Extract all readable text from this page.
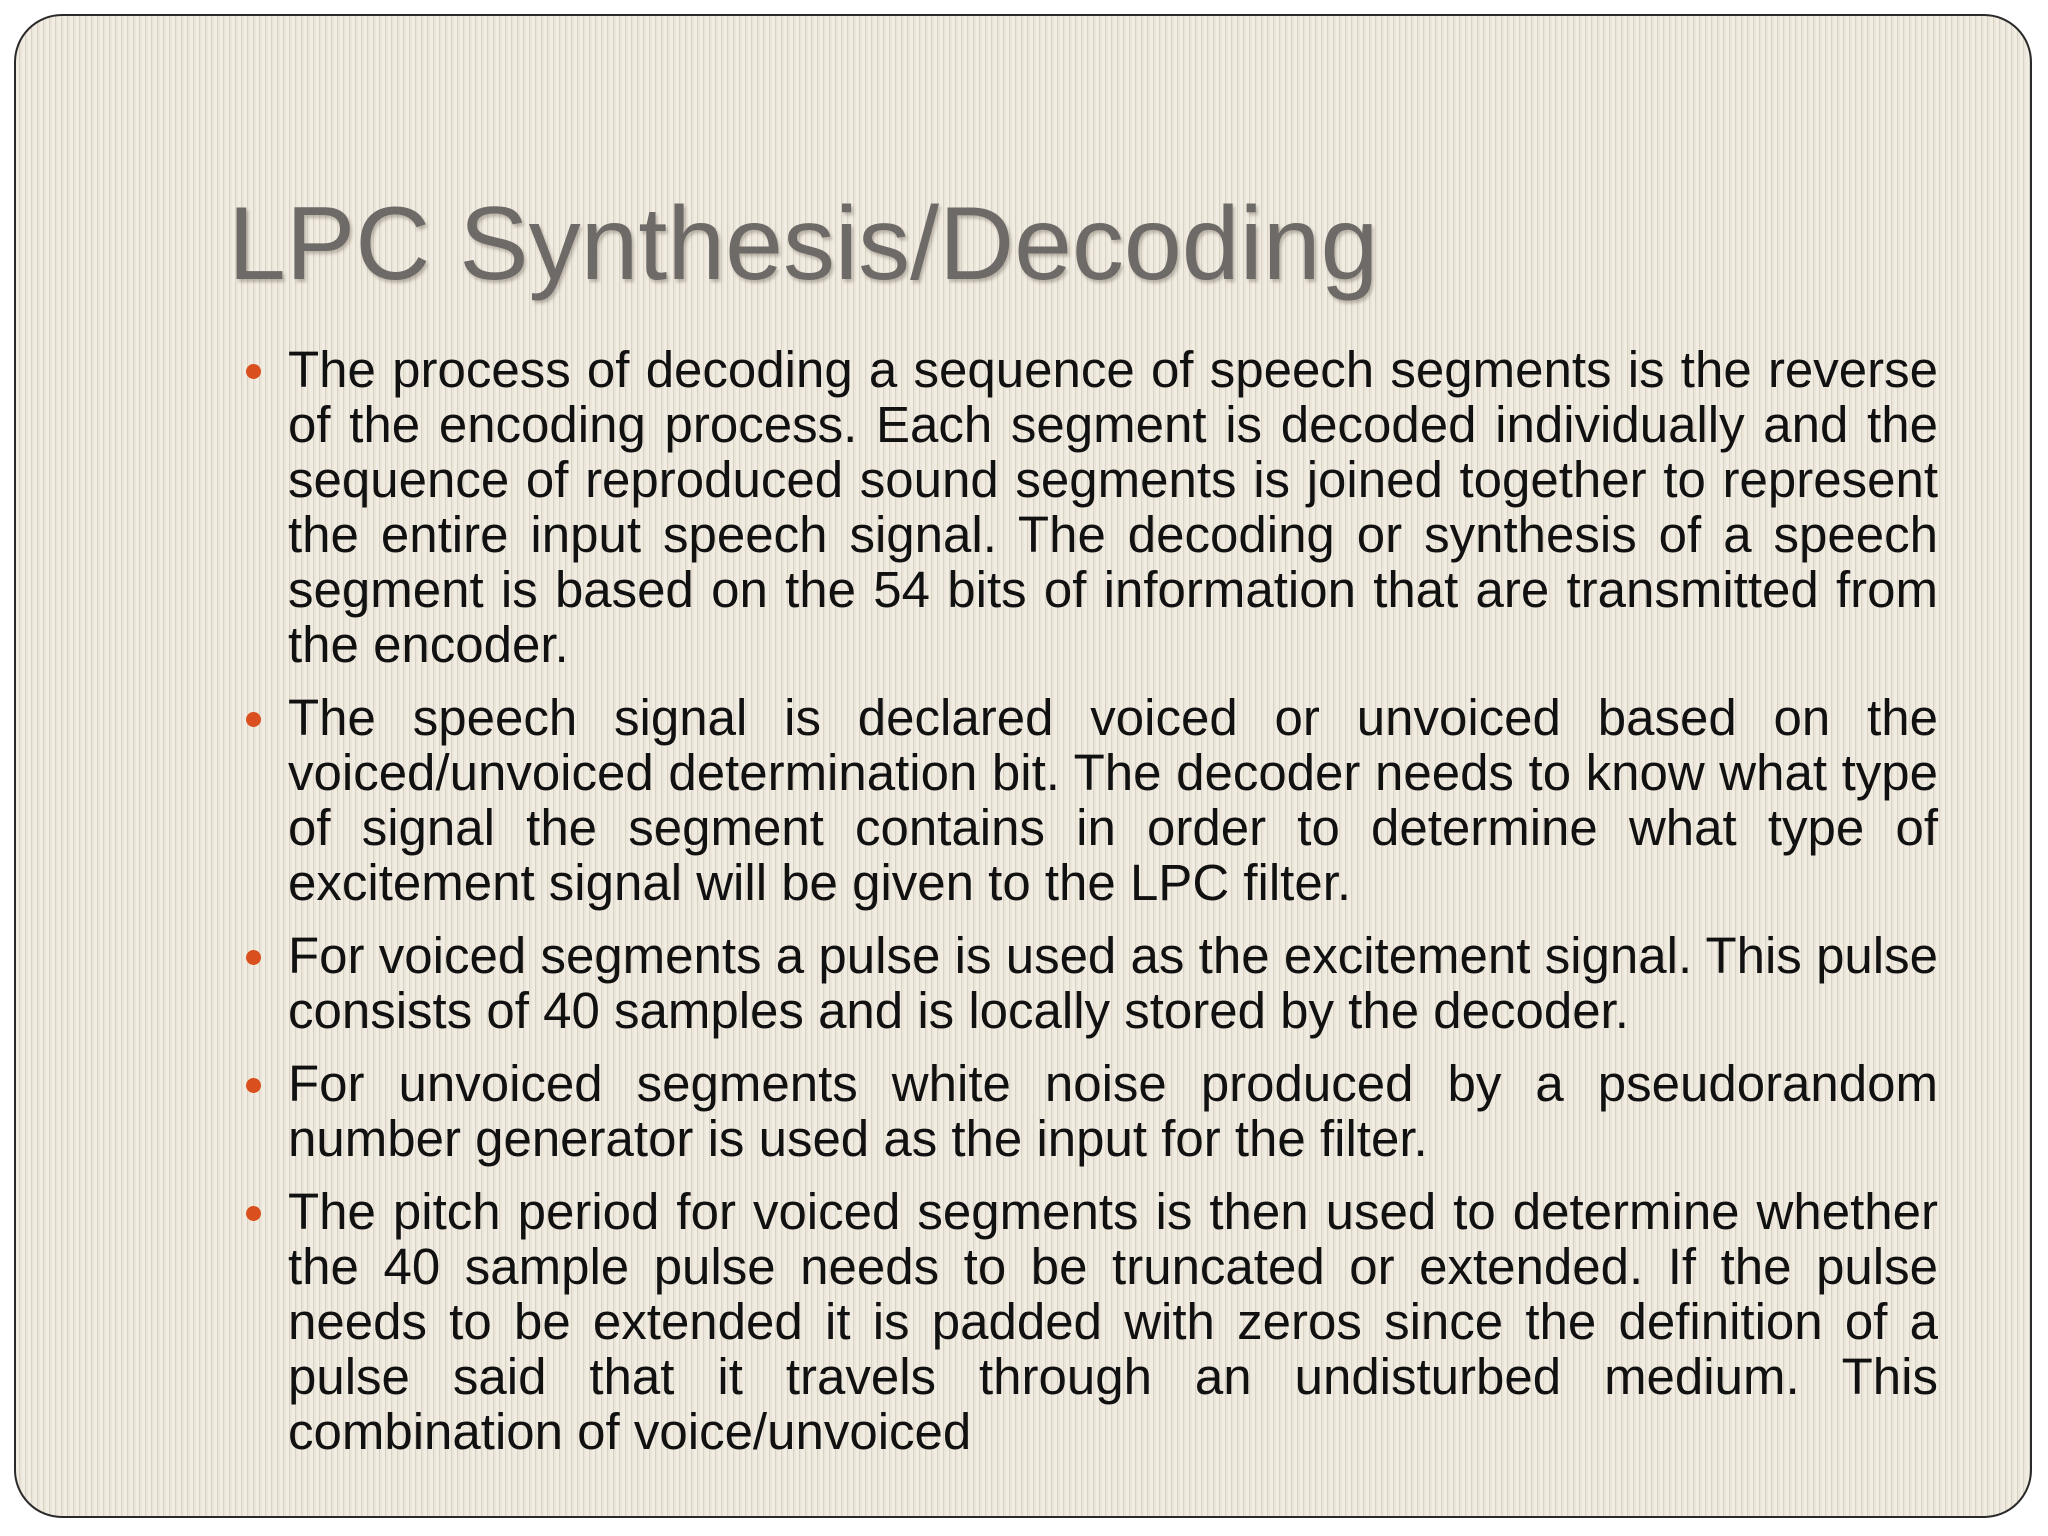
LPC Synthesis/Decoding
The process of decoding a sequence of speech segments is the reverse of the encoding process. Each segment is decoded individually and the sequence of reproduced sound segments is joined together to represent the entire input speech signal. The decoding or synthesis of a speech segment is based on the 54 bits of information that are transmitted from the encoder.
The speech signal is declared voiced or unvoiced based on the voiced/unvoiced determination bit. The decoder needs to know what type of signal the segment contains in order to determine what type of excitement signal will be given to the LPC filter.
For voiced segments a pulse is used as the excitement signal. This pulse consists of 40 samples and is locally stored by the decoder.
For unvoiced segments white noise produced by a pseudorandom number generator is used as the input for the filter.
The pitch period for voiced segments is then used to determine whether the 40 sample pulse needs to be truncated or extended. If the pulse needs to be extended it is padded with zeros since the definition of a pulse said that it travels through an undisturbed medium. This combination of voice/unvoiced
